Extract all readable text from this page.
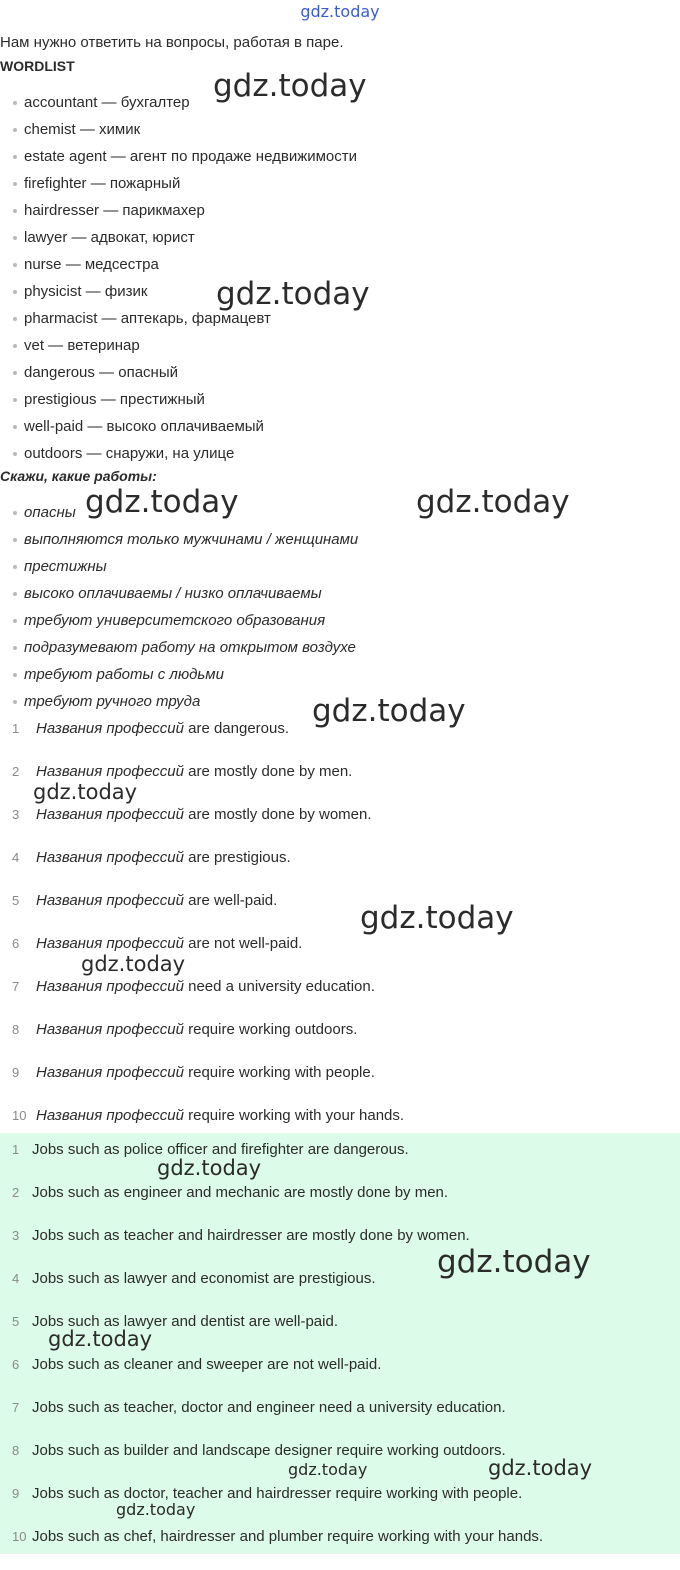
gdz.today
Нам нужно ответить на вопросы, работая в паре.
WORDLIST
accountant — бухгалтер
chemist — химик
estate agent — агент по продаже недвижимости
firefighter — пожарный
hairdresser — парикмахер
lawyer — адвокат, юрист
nurse — медсестра
physicist — физик
pharmacist — аптекарь, фармацевт
vet — ветеринар
dangerous — опасный
prestigious — престижный
well-paid — высоко оплачиваемый
outdoors — снаружи, на улице
Скажи, какие работы:
опасны
выполняются только мужчинами / женщинами
престижны
высоко оплачиваемы / низко оплачиваемы
требуют университетского образования
подразумевают работу на открытом воздухе
требуют работы с людьми
требуют ручного труда
1 Названия профессий are dangerous.
2 Названия профессий are mostly done by men.
3 Названия профессий are mostly done by women.
4 Названия профессий are prestigious.
5 Названия профессий are well-paid.
6 Названия профессий are not well-paid.
7 Названия профессий need a university education.
8 Названия профессий require working outdoors.
9 Названия профессий require working with people.
10 Названия профессий require working with your hands.
1 Jobs such as police officer and firefighter are dangerous.
2 Jobs such as engineer and mechanic are mostly done by men.
3 Jobs such as teacher and hairdresser are mostly done by women.
4 Jobs such as lawyer and economist are prestigious.
5 Jobs such as lawyer and dentist are well-paid.
6 Jobs such as cleaner and sweeper are not well-paid.
7 Jobs such as teacher, doctor and engineer need a university education.
8 Jobs such as builder and landscape designer require working outdoors.
9 Jobs such as doctor, teacher and hairdresser require working with people.
10 Jobs such as chef, hairdresser and plumber require working with your hands.
gdz.today
gdz.today
gdz.today	gdz.today
gdz.today
gdz.today
gdz.today
gdz.today
gdz.today
gdz.today
gdz.today
gdz.today	gdz.today
gdz.today
